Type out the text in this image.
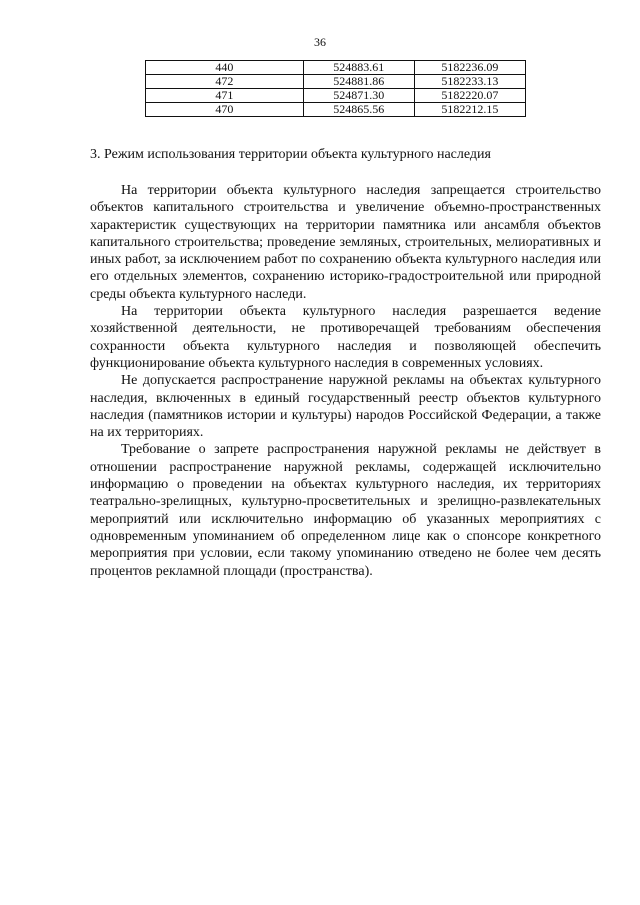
36
440	524883.61	5182236.09
472	524881.86	5182233.13
471	524871.30	5182220.07
470	524865.56	5182212.15
3. Режим использования территории объекта культурного наследия

На территории объекта культурного наследия запрещается строительство объектов капитального строительства и увеличение объемно-пространственных характеристик существующих на территории памятника или ансамбля объектов капитального строительства; проведение земляных, строительных, мелиоративных и иных работ, за исключением работ по сохранению объекта культурного наследия или его отдельных элементов, сохранению историко-градостроительной или природной среды объекта культурного наследи.

На территории объекта культурного наследия разрешается ведение хозяйственной деятельности, не противоречащей требованиям обеспечения сохранности объекта культурного наследия и позволяющей обеспечить функционирование объекта культурного наследия в современных условиях.

Не допускается распространение наружной рекламы на объектах культурного наследия, включенных в единый государственный реестр объектов культурного наследия (памятников истории и культуры) народов Российской Федерации, а также на их территориях.

Требование о запрете распространения наружной рекламы не действует в отношении распространение наружной рекламы, содержащей исключительно информацию о проведении на объектах культурного наследия, их территориях театрально-зрелищных, культурно-просветительных и зрелищно-развлекательных мероприятий или исключительно информацию об указанных мероприятиях с одновременным упоминанием об определенном лице как о спонсоре конкретного мероприятия при условии, если такому упоминанию отведено не более чем десять процентов рекламной площади (пространства).
